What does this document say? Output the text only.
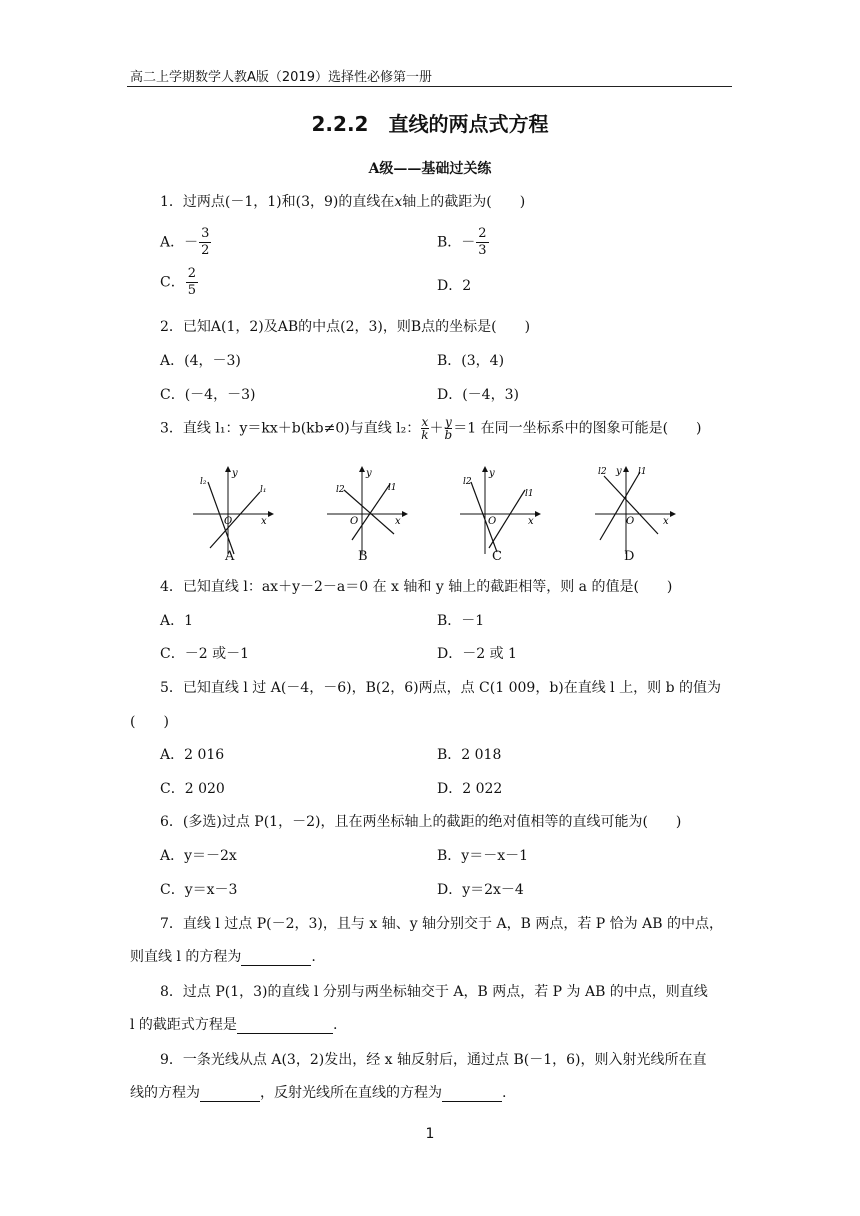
高二上学期数学人教A版（2019）选择性必修第一册
2.2.2　直线的两点式方程
A级——基础过关练
1．过两点(－1，1)和(3，9)的直线在x轴上的截距为(　　)
A．－ $\frac{3}{2}$	B．－ $\frac{2}{3}$
C． $\frac{2}{5}$	D．2
2．已知A(1，2)及AB的中点(2，3)，则B点的坐标是(　　)
A．(4，－3)	B．(3，4)
C．(－4，－3)	D．(－4，3)
3．直线 l₁：y＝kx＋b(kb≠0)与直线 l₂： $\frac{x}{k} + \frac{y}{b} =1$ 在同一坐标系中的图象可能是(　　)
y
x
O
l₂
l₁
A
y
x
O
l2	l1
B
y
x
O
l2
l1
C
y
x
O
l2	l1
D
4．已知直线 l：ax＋y－2－a＝0 在 x 轴和 y 轴上的截距相等，则 a 的值是(　　)
A．1	B．－1
C．－2 或－1	D．－2 或 1
5．已知直线 l 过 A(－4，－6)，B(2，6)两点，点 C(1 009，b)在直线 l 上，则 b 的值为
(　　)
A．2 016	B．2 018
C．2 020	D．2 022
6．(多选)过点 P(1，－2)，且在两坐标轴上的截距的绝对值相等的直线可能为(　　)
A．y＝－2x	B．y＝－x－1
C．y＝x－3	D．y＝2x－4
7．直线 l 过点 P(－2，3)，且与 x 轴、y 轴分别交于 A，B 两点，若 P 恰为 AB 的中点，
则直线 l 的方程为	.
8．过点 P(1，3)的直线 l 分别与两坐标轴交于 A，B 两点，若 P 为 AB 的中点，则直线
l 的截距式方程是	.
9．一条光线从点 A(3，2)发出，经 x 轴反射后，通过点 B(－1，6)，则入射光线所在直
线的方程为	，反射光线所在直线的方程为	.
1
